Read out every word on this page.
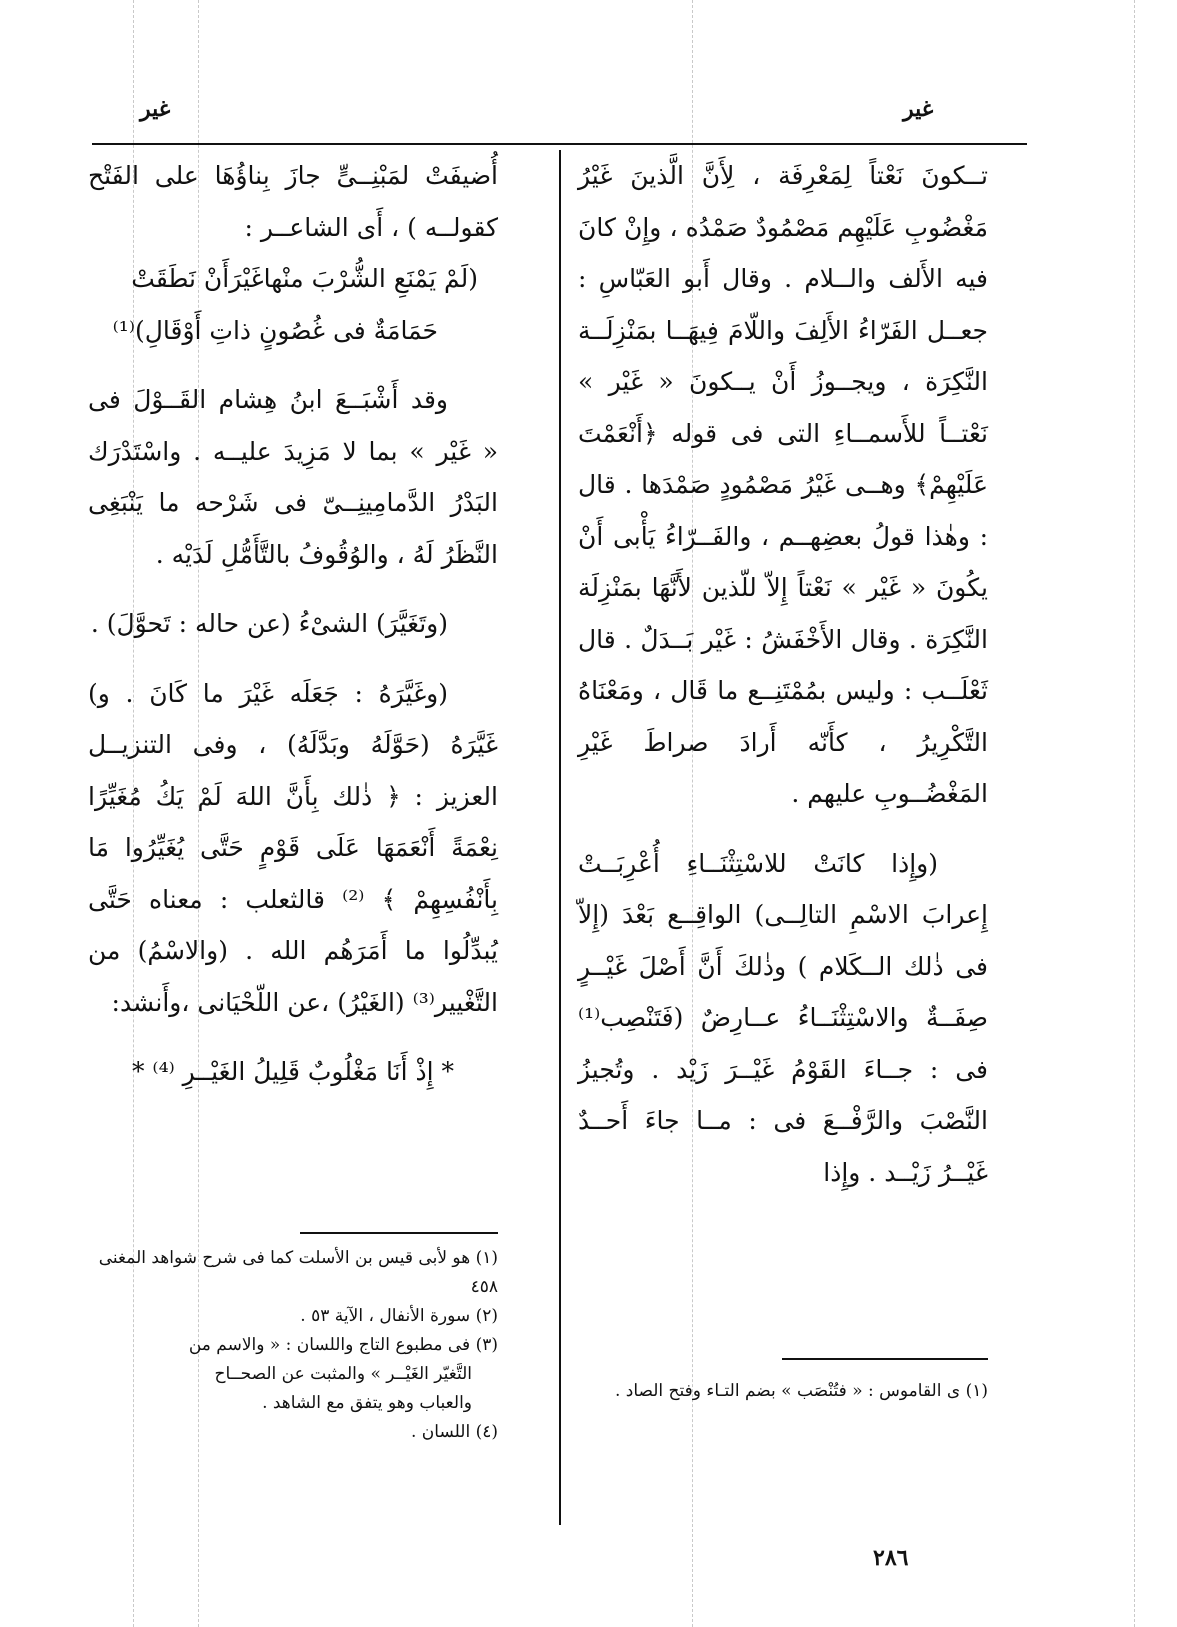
غير	غير

تــكونَ نَعْتاً لِمَعْرِفَة ، لِأَنَّ الَّذينَ غَيْرُ مَغْضُوبِ عَلَيْهِم مَصْمُودٌ صَمْدُه ، وإِنْ كانَ فيه الأَلف والــلام . وقال أَبو العَبّاسِ : جعــل الفَرّاءُ الأَلِفَ واللّامَ فِيهَــا بمَنْزِلَــة النَّكِرَة ، ويجــوزُ أَنْ يــكونَ « غَيْر » نَعْتــاً للأَسمــاءِ التى فى قوله ﴿أَنْعَمْتَ عَلَيْهِمْ﴾ وهــى غَيْرُ مَصْمُودٍ صَمْدَها . قال : وهٰذا قولُ بعضِهــم ، والفَــرّاءُ يَأْبى أَنْ يكُونَ « غَيْر » نَعْتاً إِلاّ للّذين لأَنَّهَا بمَنْزِلَة النَّكِرَة . وقال الأَخْفَشُ : غَيْر بَــدَلٌ . قال ثَعْلَــب : وليس بمُمْتَنِــع ما قَال ، ومَعْنَاهُ التَّكْرِيرُ ، كأَنّه أَرادَ صراطَ غَيْرِ المَغْضُــوبِ عليهم .

(وإِذا كانَتْ للاسْتِثْنَــاءِ أُعْرِبَــتْ إِعرابَ الاسْمِ التالِــى) الواقِــع بَعْدَ (إِلاّ فى ذٰلك الــكَلام ) وذٰلكَ أَنَّ أَصْلَ غَيْــرٍ صِفَــةٌ والاسْتِثْنَــاءُ عــارِضٌ (فَتَنْصِب⁽¹⁾ فى : جــاءَ القَوْمُ غَيْــرَ زَيْد . وتُجيزُ النَّصْبَ والرَّفْــعَ فى : مــا جاءَ أَحــدٌ غَيْــرُ زَيْــد . وإِذا

(١) ى القاموس : « فتُنْصَب » بضم التـاء وفتح الصاد .

أُضيفَتْ لمَبْنِــىٍّ جازَ بِناؤُهَا على الفَتْح كقولــه ) ، أَى الشاعــر :

(لَمْ يَمْنَعِ الشُّرْبَ منْهاغَيْرَأَنْ نَطَقَتْ

حَمَامَةٌ فى غُصُونٍ ذاتِ أَوْقَالِ)⁽¹⁾

وقد أَشْبَــعَ ابنُ هِشام القَــوْلَ فى « غَيْر » بما لا مَزِيدَ عليــه . واسْتَدْرَك البَدْرُ الدَّمامِينِــىّ فى شَرْحه ما يَنْبَغِى النَّظَرُ لَهُ ، والوُقُوفُ بالتَّأَمُّلِ لَدَيْه .

(وتَغَيَّرَ) الشىْءُ (عن حاله : تَحوَّلَ) .

(وغَيَّرَهُ : جَعَلَه غَيْرَ ما كَانَ . و) غَيَّرَهُ (حَوَّلَهُ وبَدَّلَهُ) ، وفى التنزيــل العزيز : ﴿ ذٰلك بِأَنَّ اللهَ لَمْ يَكُ مُغَيِّرًا نِعْمَةً أَنْعَمَهَا عَلَى قَوْمٍ حَتَّى يُغَيِّرُوا مَا بِأَنْفُسِهِمْ ﴾ ⁽²⁾ قالثعلب : معناه حَتَّى يُبدِّلُوا ما أَمَرَهُم الله . (والاسْمُ) من التَّغْيير⁽³⁾ (الغَيْرُ) ،عن اللّحْيَانى ،وأَنشد:

* إِذْ أَنَا مَغْلُوبٌ قَلِيلُ الغَيْــرِ ⁽⁴⁾ *

(١) هو لأبى قيس بن الأسلت كما فى شرح شواهد المغنى ٤٥٨

(٢) سورة الأنفال ، الآية ٥٣ .

(٣) فى مطبوع التاج واللسان : « والاسم من

التَّغيّر الغَيْــر » والمثبت عن الصحــاح

والعباب وهو يتفق مع الشاهد .

(٤) اللسان .

٢٨٦
